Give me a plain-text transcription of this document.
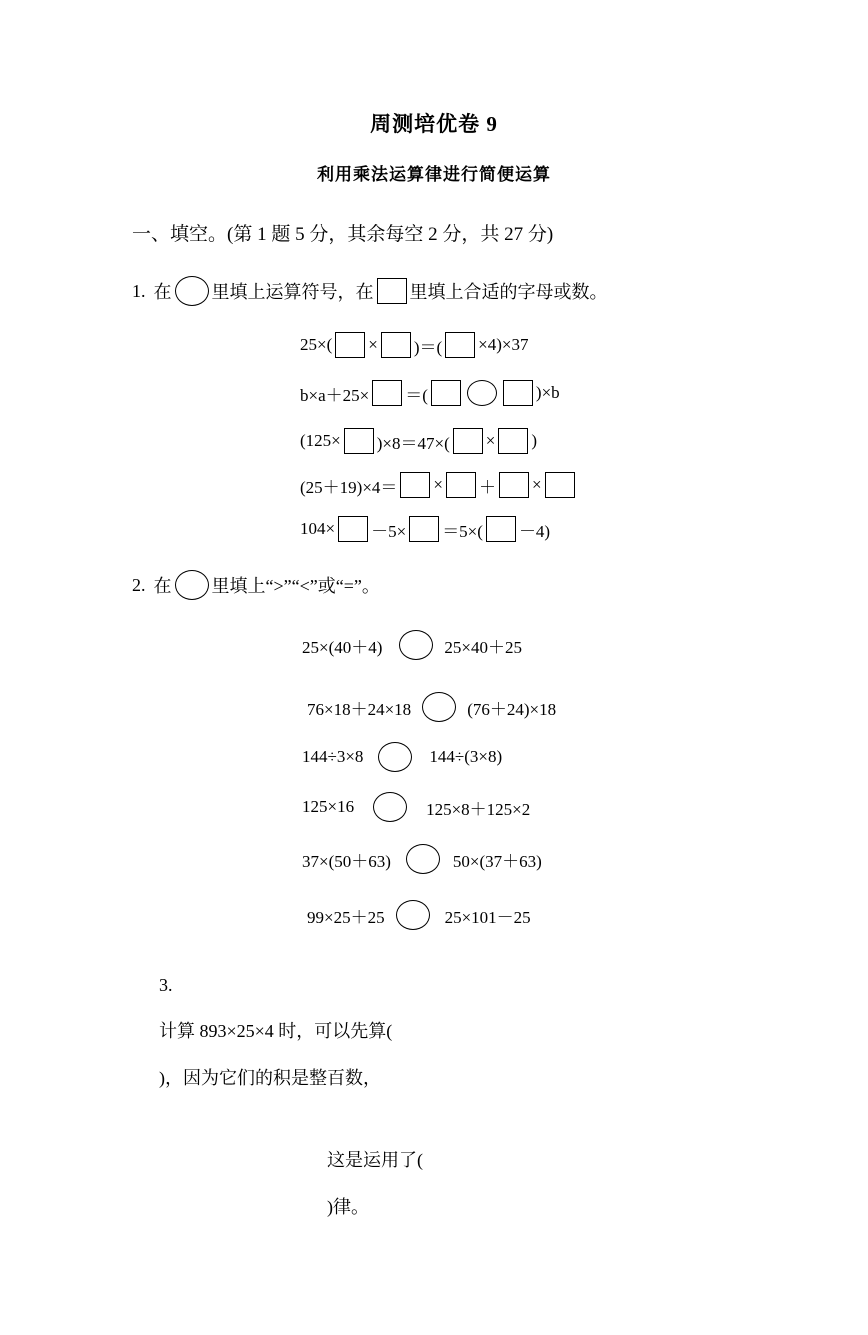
周测培优卷 9
利用乘法运算律进行简便运算
一、填空。(第 1 题 5 分，其余每空 2 分，共 27 分)
1. 在 里填上运算符号，在 里填上合适的字母或数。
25×( × )＝( ×4)×37
b×a＋25× ＝(	)×b
(125× )×8＝47×( × )
(25＋19)×4＝ × ＋ ×
104× －5× ＝5×( －4)
2. 在 里填上“>”“<”或“=”。
25×(40＋4)	25×40＋25
76×18＋24×18	(76＋24)×18
144÷3×8	144÷(3×8)
125×16	125×8＋125×2
37×(50＋63)	50×(37＋63)
99×25＋25	25×101－25

3.

计算 893×25×4 时，可以先算(

)，因为它们的积是整百数，

这是运用了(

)律。
